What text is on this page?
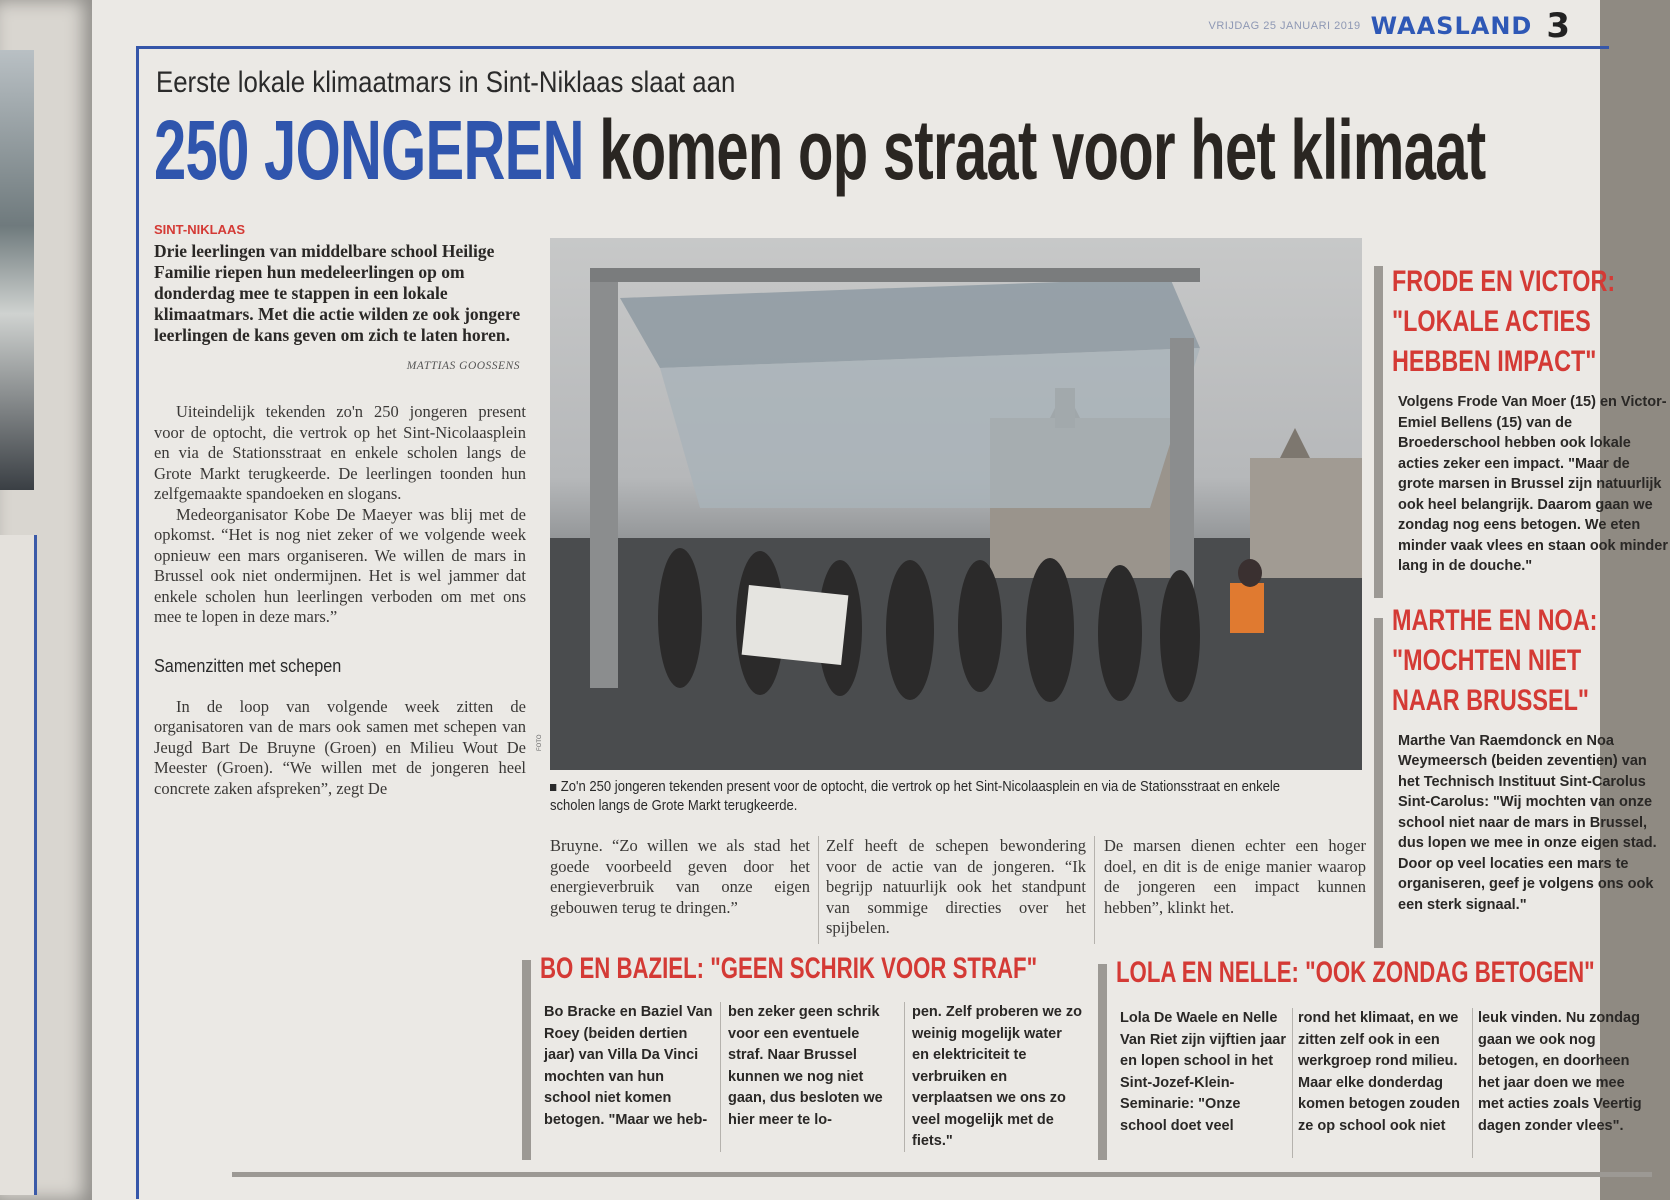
VRIJDAG 25 JANUARI 2019 WAASLAND 3
Eerste lokale klimaatmars in Sint-Niklaas slaat aan
250 JONGEREN komen op straat voor het klimaat
SINT-NIKLAAS
Drie leerlingen van middelbare school Heilige Familie riepen hun medeleerlingen op om donderdag mee te stappen in een lokale klimaatmars. Met die actie wilden ze ook jongere leerlingen de kans geven om zich te laten horen.
MATTIAS GOOSSENS

Uiteindelijk tekenden zo'n 250 jongeren present voor de optocht, die vertrok op het Sint-Nicolaasplein en via de Stationsstraat en enkele scholen langs de Grote Markt terugkeerde. De leerlingen toonden hun zelfgemaakte spandoeken en slogans.

Medeorganisator Kobe De Maeyer was blij met de opkomst. “Het is nog niet zeker of we volgende week opnieuw een mars organiseren. We willen de mars in Brussel ook niet ondermijnen. Het is wel jammer dat enkele scholen hun leerlingen verboden om met ons mee te lopen in deze mars.”

Samenzitten met schepen

In de loop van volgende week zitten de organisatoren van de mars ook samen met schepen van Jeugd Bart De Bruyne (Groen) en Milieu Wout De Meester (Groen). “We willen met de jongeren heel concrete zaken afspreken”, zegt De

FOTO
Zo'n 250 jongeren tekenden present voor de optocht, die vertrok op het Sint-Nicolaasplein en via de Stationsstraat en enkele scholen langs de Grote Markt terugkeerde.
Bruyne. “Zo willen we als stad het goede voorbeeld geven door het energieverbruik van onze eigen gebouwen terug te dringen.”
Zelf heeft de schepen bewondering voor de actie van de jongeren. “Ik begrijp natuurlijk ook het standpunt van sommige directies over het spijbelen.
De marsen dienen echter een hoger doel, en dit is de enige manier waarop de jongeren een impact kunnen hebben”, klinkt het.
FRODE EN VICTOR:
"LOKALE ACTIES
HEBBEN IMPACT"
Volgens Frode Van Moer (15) en Victor-Emiel Bellens (15) van de Broederschool hebben ook lokale acties zeker een impact. "Maar de grote marsen in Brussel zijn natuurlijk ook heel belangrijk. Daarom gaan we zondag nog eens betogen. We eten minder vaak vlees en staan ook minder lang in de douche."
MARTHE EN NOA:
"MOCHTEN NIET
NAAR BRUSSEL"
Marthe Van Raemdonck en Noa Weymeersch (beiden zeventien) van het Technisch Instituut Sint-Carolus Sint-Carolus: "Wij mochten van onze school niet naar de mars in Brussel, dus lopen we mee in onze eigen stad. Door op veel locaties een mars te organiseren, geef je volgens ons ook een sterk signaal."
BO EN BAZIEL: "GEEN SCHRIK VOOR STRAF"
Bo Bracke en Baziel Van Roey (beiden dertien jaar) van Villa Da Vinci mochten van hun school niet komen betogen. "Maar we heb-
ben zeker geen schrik voor een eventuele straf. Naar Brussel kunnen we nog niet gaan, dus besloten we hier meer te lo-
pen. Zelf proberen we zo weinig mogelijk water en elektriciteit te verbruiken en verplaatsen we ons zo veel mogelijk met de fiets."
LOLA EN NELLE: "OOK ZONDAG BETOGEN"
Lola De Waele en Nelle Van Riet zijn vijftien jaar en lopen school in het Sint-Jozef-Klein-Seminarie: "Onze school doet veel
rond het klimaat, en we zitten zelf ook in een werkgroep rond milieu. Maar elke donderdag komen betogen zouden ze op school ook niet
leuk vinden. Nu zondag gaan we ook nog betogen, en doorheen het jaar doen we mee met acties zoals Veertig dagen zonder vlees".
